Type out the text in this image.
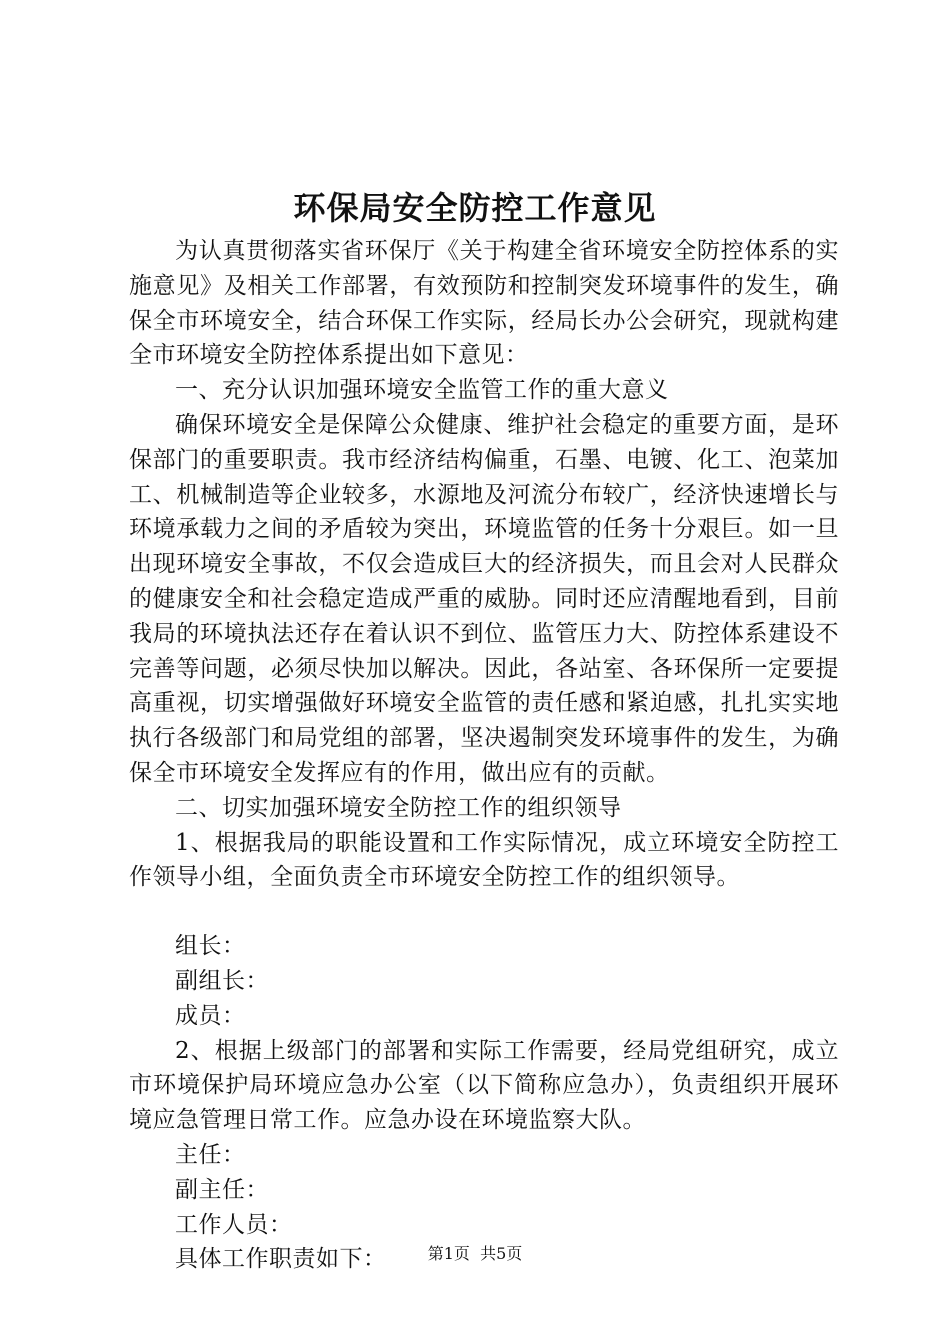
环保局安全防控工作意见

为认真贯彻落实省环保厅《关于构建全省环境安全防控体系的实施意见》及相关工作部署，有效预防和控制突发环境事件的发生，确保全市环境安全，结合环保工作实际，经局长办公会研究，现就构建全市环境安全防控体系提出如下意见：

一、充分认识加强环境安全监管工作的重大意义

确保环境安全是保障公众健康、维护社会稳定的重要方面，是环保部门的重要职责。我市经济结构偏重，石墨、电镀、化工、泡菜加工、机械制造等企业较多，水源地及河流分布较广，经济快速增长与环境承载力之间的矛盾较为突出，环境监管的任务十分艰巨。如一旦出现环境安全事故，不仅会造成巨大的经济损失，而且会对人民群众的健康安全和社会稳定造成严重的威胁。同时还应清醒地看到，目前我局的环境执法还存在着认识不到位、监管压力大、防控体系建设不完善等问题，必须尽快加以解决。因此，各站室、各环保所一定要提高重视，切实增强做好环境安全监管的责任感和紧迫感，扎扎实实地执行各级部门和局党组的部署，坚决遏制突发环境事件的发生，为确保全市环境安全发挥应有的作用，做出应有的贡献。

二、切实加强环境安全防控工作的组织领导

1、根据我局的职能设置和工作实际情况，成立环境安全防控工作领导小组，全面负责全市环境安全防控工作的组织领导。

组长：

副组长：

成员：

2、根据上级部门的部署和实际工作需要，经局党组研究，成立市环境保护局环境应急办公室（以下简称应急办），负责组织开展环境应急管理日常工作。应急办设在环境监察大队。

主任：

副主任：

工作人员：

具体工作职责如下：	第1页  共5页
